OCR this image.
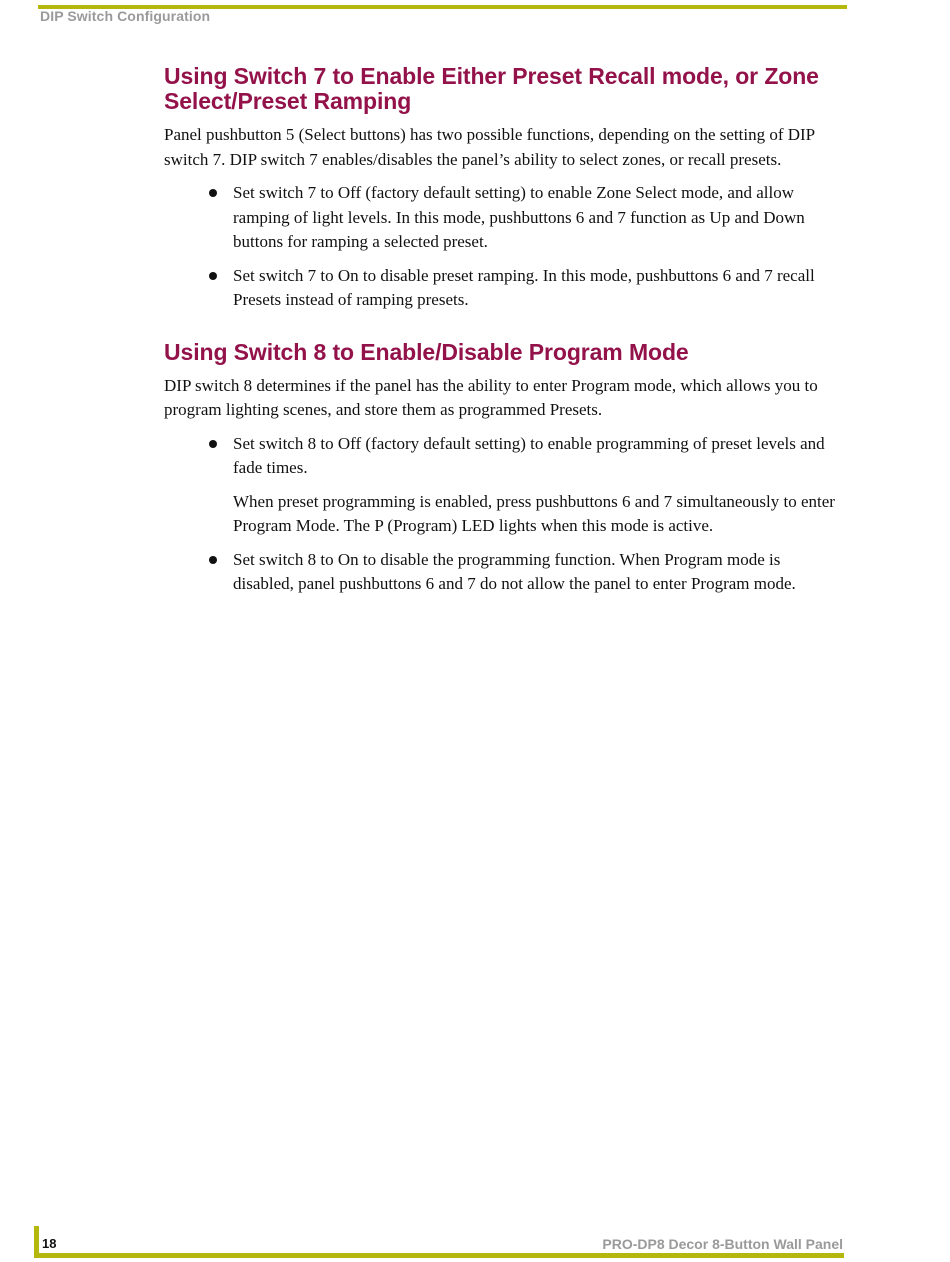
DIP Switch Configuration
Using Switch 7 to Enable Either Preset Recall mode, or Zone Select/Preset Ramping

Panel pushbutton 5 (Select buttons) has two possible functions, depending on the setting of DIP switch 7. DIP switch 7 enables/disables the panel’s ability to select zones, or recall presets.

Set switch 7 to Off (factory default setting) to enable Zone Select mode, and allow ramping of light levels. In this mode, pushbuttons 6 and 7 function as Up and Down buttons for ramping a selected preset.
Set switch 7 to On to disable preset ramping. In this mode, pushbuttons 6 and 7 recall Presets instead of ramping presets.
Using Switch 8 to Enable/Disable Program Mode

DIP switch 8 determines if the panel has the ability to enter Program mode, which allows you to program lighting scenes, and store them as programmed Presets.

Set switch 8 to Off (factory default setting) to enable programming of preset levels and fade times.
When preset programming is enabled, press pushbuttons 6 and 7 simultaneously to enter Program Mode. The P (Program) LED lights when this mode is active.
Set switch 8 to On to disable the programming function. When Program mode is disabled, panel pushbuttons 6 and 7 do not allow the panel to enter Program mode.
18	PRO-DP8 Decor 8-Button Wall Panel
